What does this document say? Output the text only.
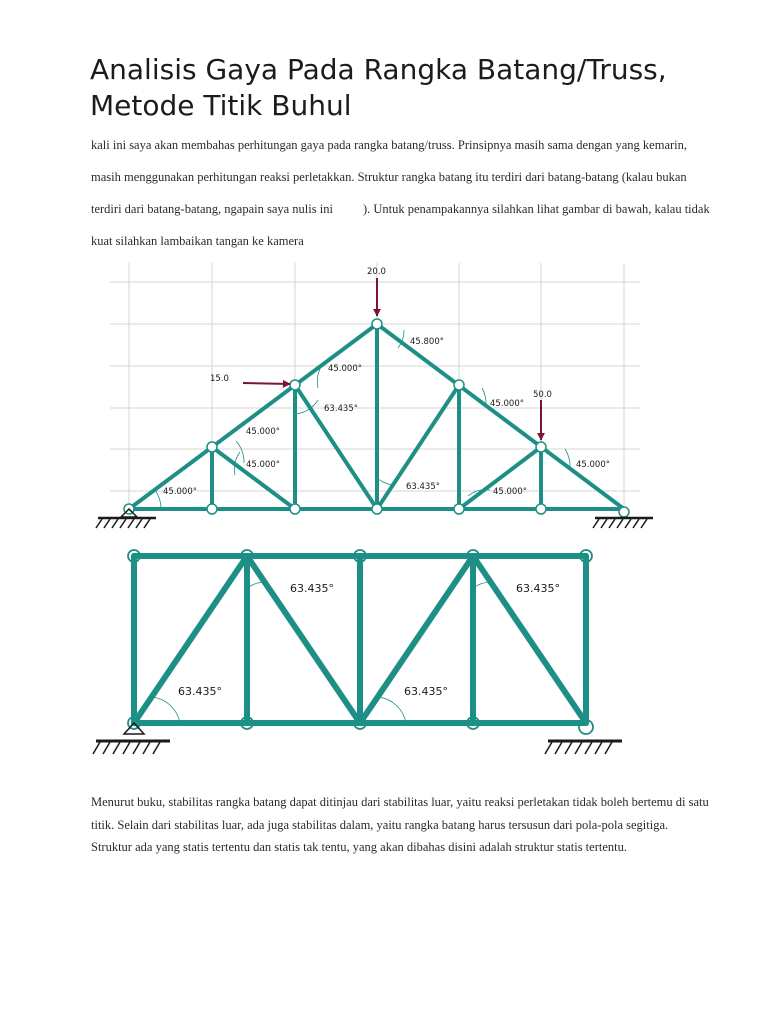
Analisis Gaya Pada Rangka Batang/Truss, Metode Titik Buhul

kali ini saya akan membahas perhitungan gaya pada rangka batang/truss. Prinsipnya masih sama dengan yang kemarin, masih menggunakan perhitungan reaksi perletakkan. Struktur rangka batang itu terdiri dari batang-batang (kalau bukan terdiri dari batang-batang, ngapain saya nulis ini ). Untuk penampakannya silahkan lihat gambar di bawah, kalau tidak kuat silahkan lambaikan tangan ke kamera

20.0
15.0
50.0
45.000°
45.000°
45.000°
45.000°
63.435°
45.800°
63.435°
45.000°
45.000°
45.000°
63.435°	63.435°
63.435°	63.435°

Menurut buku, stabilitas rangka batang dapat ditinjau dari stabilitas luar, yaitu reaksi perletakan tidak boleh bertemu di satu titik. Selain dari stabilitas luar, ada juga stabilitas dalam, yaitu rangka batang harus tersusun dari pola-pola segitiga. Struktur ada yang statis tertentu dan statis tak tentu, yang akan dibahas disini adalah struktur statis tertentu.
